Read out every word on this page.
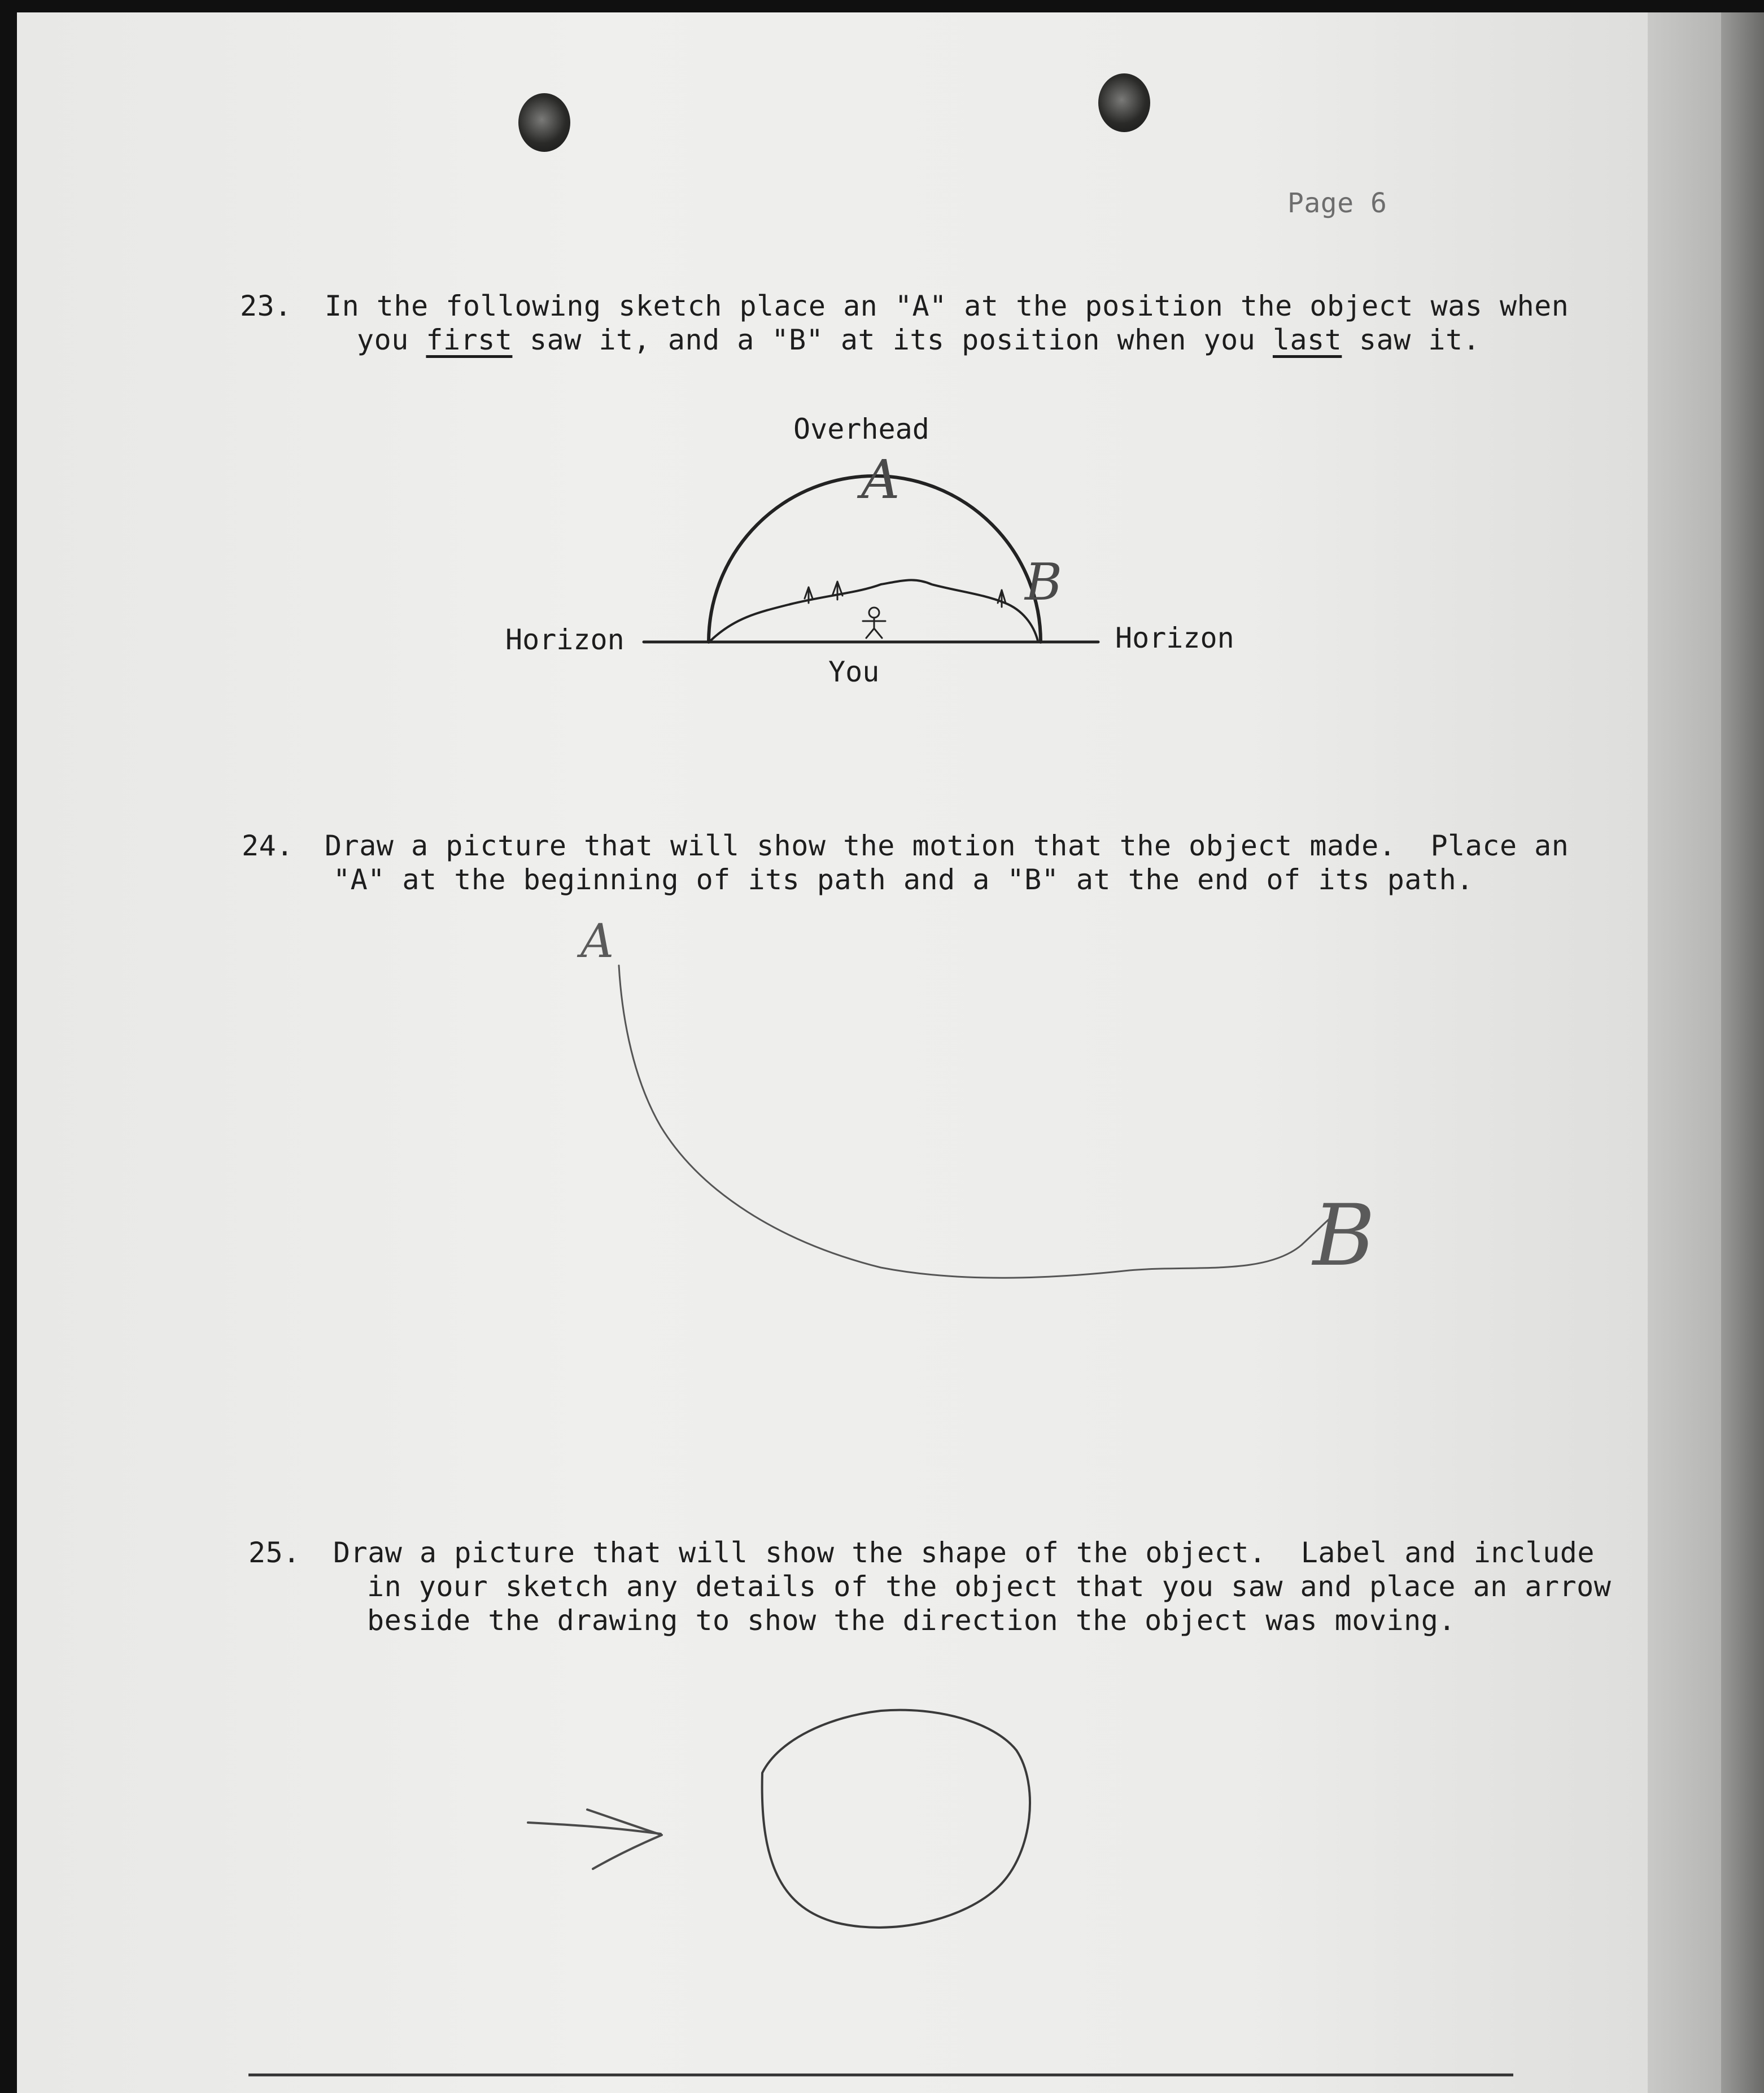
Page 6

23. In the following sketch place an "A" at the position the object was when

you first saw it, and a "B" at its position when you last saw it.

Overhead

Horizon	Horizon

You

A
B
A
B

24. Draw a picture that will show the motion that the object made.  Place an

"A" at the beginning of its path and a "B" at the end of its path.

25. Draw a picture that will show the shape of the object.  Label and include

in your sketch any details of the object that you saw and place an arrow

beside the drawing to show the direction the object was moving.
